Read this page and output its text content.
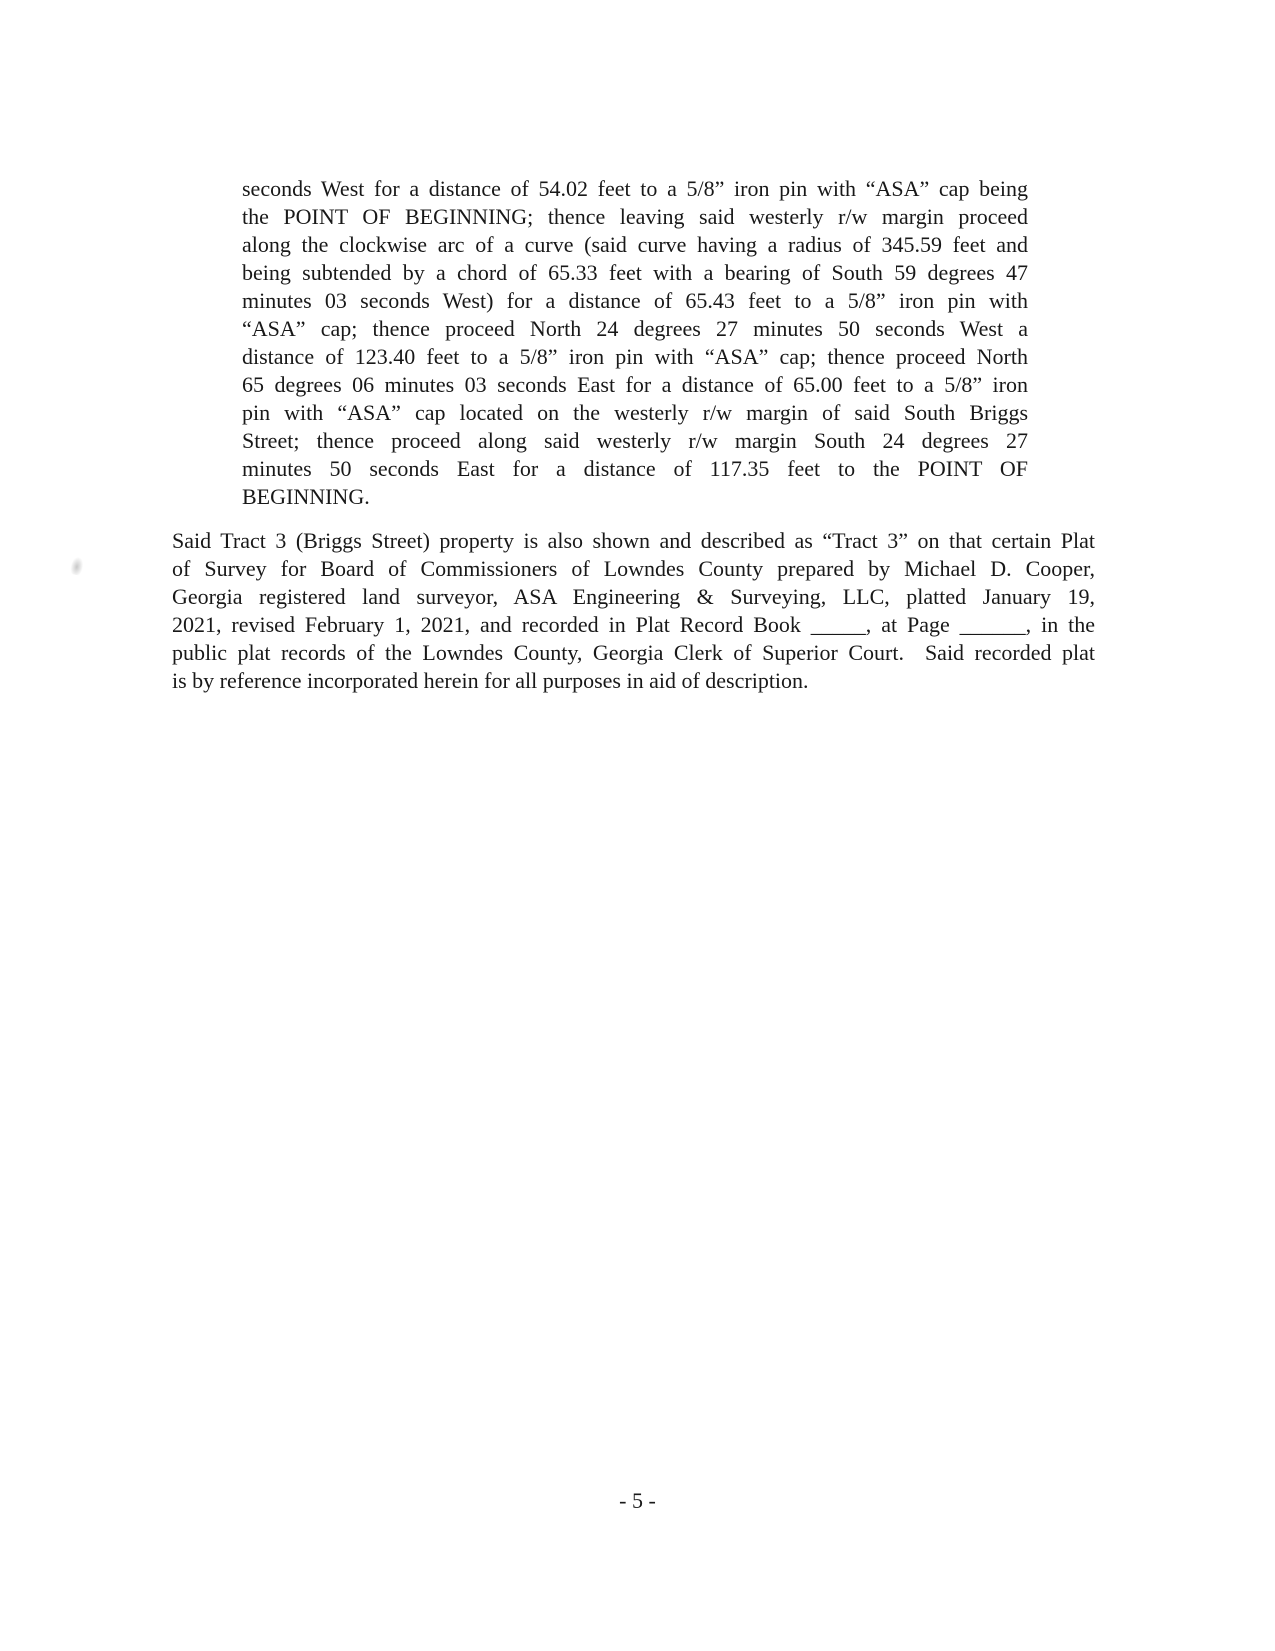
seconds West for a distance of 54.02 feet to a 5/8” iron pin with “ASA” cap being
the POINT OF BEGINNING; thence leaving said westerly r/w margin proceed
along the clockwise arc of a curve (said curve having a radius of 345.59 feet and
being subtended by a chord of 65.33 feet with a bearing of South 59 degrees 47
minutes 03 seconds West) for a distance of 65.43 feet to a 5/8” iron pin with
“ASA” cap; thence proceed North 24 degrees 27 minutes 50 seconds West a
distance of 123.40 feet to a 5/8” iron pin with “ASA” cap; thence proceed North
65 degrees 06 minutes 03 seconds East for a distance of 65.00 feet to a 5/8” iron
pin with “ASA” cap located on the westerly r/w margin of said South Briggs
Street; thence proceed along said westerly r/w margin South 24 degrees 27
minutes 50 seconds East for a distance of 117.35 feet to the POINT OF
BEGINNING.
Said Tract 3 (Briggs Street) property is also shown and described as “Tract 3” on that certain Plat
of Survey for Board of Commissioners of Lowndes County prepared by Michael D. Cooper,
Georgia registered land surveyor, ASA Engineering & Surveying, LLC, platted January 19,
2021, revised February 1, 2021, and recorded in Plat Record Book _____, at Page ______, in the
public plat records of the Lowndes County, Georgia Clerk of Superior Court.  Said recorded plat
is by reference incorporated herein for all purposes in aid of description.
- 5 -
